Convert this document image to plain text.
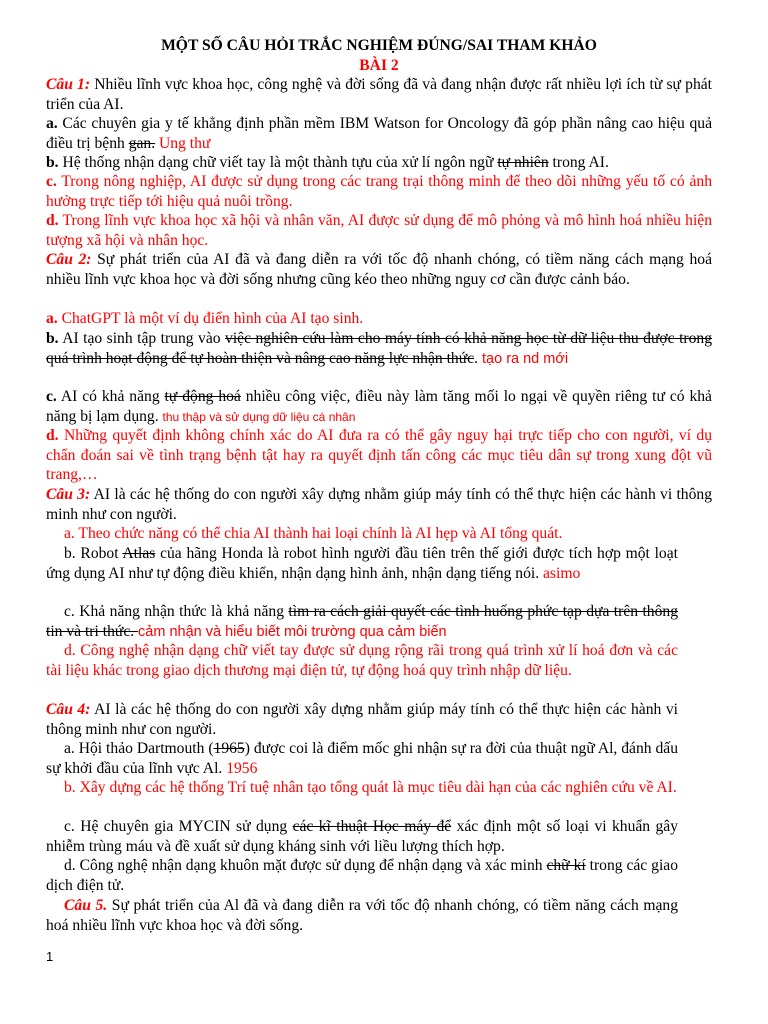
MỘT SỐ CÂU HỎI TRẮC NGHIỆM ĐÚNG/SAI THAM KHẢO

BÀI 2

Câu 1: Nhiều lĩnh vực khoa học, công nghệ và đời sống đã và đang nhận được rất nhiều lợi ích từ sự phát triển của AI.

a. Các chuyên gia y tế khẳng định phần mềm IBM Watson for Oncology đã góp phần nâng cao hiệu quả điều trị bệnh gan. Ung thư

b. Hệ thống nhận dạng chữ viết tay là một thành tựu của xử lí ngôn ngữ tự nhiên trong AI.

c. Trong nông nghiệp, AI được sử dụng trong các trang trại thông minh để theo dõi những yếu tố có ảnh hưởng trực tiếp tới hiệu quả nuôi trồng.

d. Trong lĩnh vực khoa học xã hội và nhân văn, AI được sử dụng để mô phỏng và mô hình hoá nhiều hiện tượng xã hội và nhân học.

Câu 2: Sự phát triển của AI đã và đang diễn ra với tốc độ nhanh chóng, có tiềm năng cách mạng hoá nhiều lĩnh vực khoa học và đời sống nhưng cũng kéo theo những nguy cơ cần được cảnh báo.

a. ChatGPT là một ví dụ điển hình của AI tạo sinh.

b. AI tạo sinh tập trung vào việc nghiên cứu làm cho máy tính có khả năng học từ dữ liệu thu được trong quá trình hoạt động để tự hoàn thiện và nâng cao năng lực nhận thức. tạo ra nd mới

c. AI có khả năng tự động hoá nhiều công việc, điều này làm tăng mối lo ngại về quyền riêng tư có khả năng bị lạm dụng. thu thập và sử dụng dữ liệu cá nhân

d. Những quyết định không chính xác do AI đưa ra có thể gây nguy hại trực tiếp cho con người, ví dụ chẩn đoán sai về tình trạng bệnh tật hay ra quyết định tấn công các mục tiêu dân sự trong xung đột vũ trang,…

Câu 3: AI là các hệ thống do con người xây dựng nhằm giúp máy tính có thể thực hiện các hành vi thông minh như con người.

a. Theo chức năng có thể chia AI thành hai loại chính là AI hẹp và AI tổng quát.

b. Robot Atlas của hãng Honda là robot hình người đầu tiên trên thế giới được tích hợp một loạt ứng dụng AI như tự động điều khiển, nhận dạng hình ảnh, nhận dạng tiếng nói. asimo

c. Khả năng nhận thức là khả năng tìm ra cách giải quyết các tình huống phức tạp dựa trên thông tin và tri thức. cảm nhận và hiểu biết môi trường qua cảm biến

d. Công nghệ nhận dạng chữ viết tay được sử dụng rộng rãi trong quá trình xử lí hoá đơn và các tài liệu khác trong giao dịch thương mại điện tử, tự động hoá quy trình nhập dữ liệu.

Câu 4: AI là các hệ thống do con người xây dựng nhằm giúp máy tính có thể thực hiện các hành vi thông minh như con người.

a. Hội thảo Dartmouth (1965) được coi là điểm mốc ghi nhận sự ra đời của thuật ngữ Al, đánh dấu sự khởi đầu của lĩnh vực Al. 1956

b. Xây dựng các hệ thống Trí tuệ nhân tạo tổng quát là mục tiêu dài hạn của các nghiên cứu về AI.

c. Hệ chuyên gia MYCIN sử dụng các kĩ thuật Học máy để xác định một số loại vi khuẩn gây nhiễm trùng máu và đề xuất sử dụng kháng sinh với liều lượng thích hợp.

d. Công nghệ nhận dạng khuôn mặt được sử dụng để nhận dạng và xác minh chữ kí trong các giao dịch điện tử.

Câu 5. Sự phát triển của Al đã và đang diễn ra với tốc độ nhanh chóng, có tiềm năng cách mạng hoá nhiều lĩnh vực khoa học và đời sống.

1
